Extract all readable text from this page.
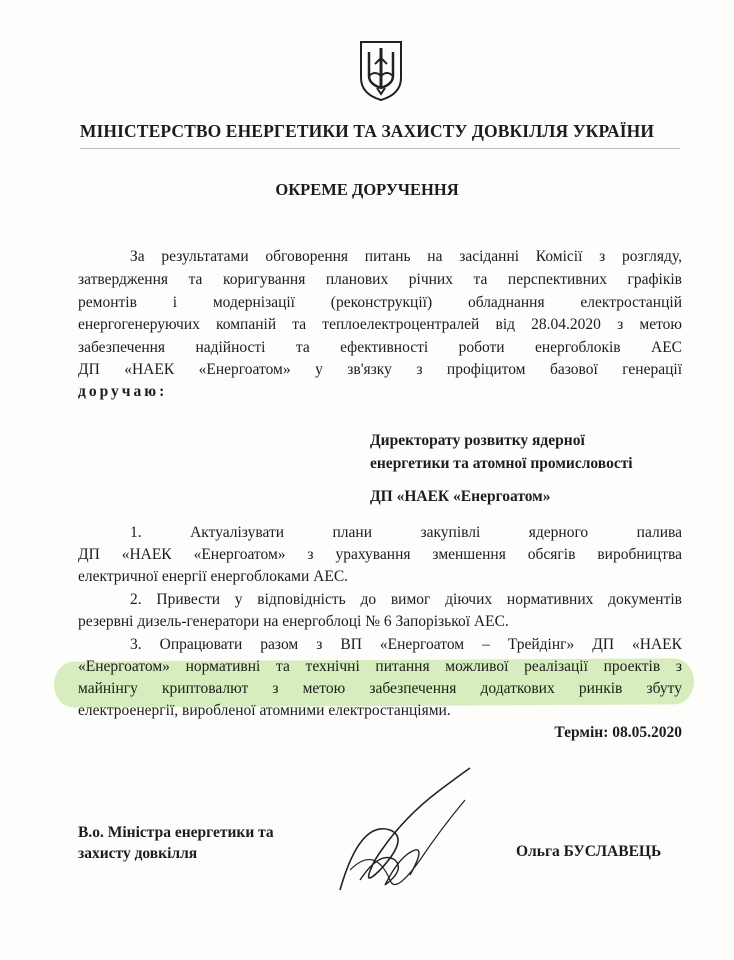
МІНІСТЕРСТВО ЕНЕРГЕТИКИ ТА ЗАХИСТУ ДОВКІЛЛЯ УКРАЇНИ
ОКРЕМЕ ДОРУЧЕННЯ
За результатами обговорення питань на засіданні Комісії з розгляду,
затвердження та коригування планових річних та перспективних графіків
ремонтів і модернізації (реконструкції) обладнання електростанцій
енергогенеруючих компаній та теплоелектроцентралей від 28.04.2020 з метою
забезпечення надійності та ефективності роботи енергоблоків АЕС
ДП «НАЕК «Енергоатом» у зв'язку з профіцитом базової генерації
доручаю:
Директорату розвитку ядерної
енергетики та атомної промисловості
ДП «НАЕК «Енергоатом»
1. Актуалізувати плани закупівлі ядерного палива
ДП «НАЕК «Енергоатом» з урахування зменшення обсягів виробництва
електричної енергії енергоблоками АЕС.
2. Привести у відповідність до вимог діючих нормативних документів
резервні дизель-генератори на енергоблоці № 6 Запорізької АЕС.
3. Опрацювати разом з ВП «Енергоатом – Трейдінг» ДП «НАЕК
«Енергоатом» нормативні та технічні питання можливої реалізації проектів з
майнінгу криптовалют з метою забезпечення додаткових ринків збуту
електроенергії, виробленої атомними електростанціями.
Термін: 08.05.2020
В.о. Міністра енергетики та
захисту довкілля	Ольга БУСЛАВЕЦЬ
